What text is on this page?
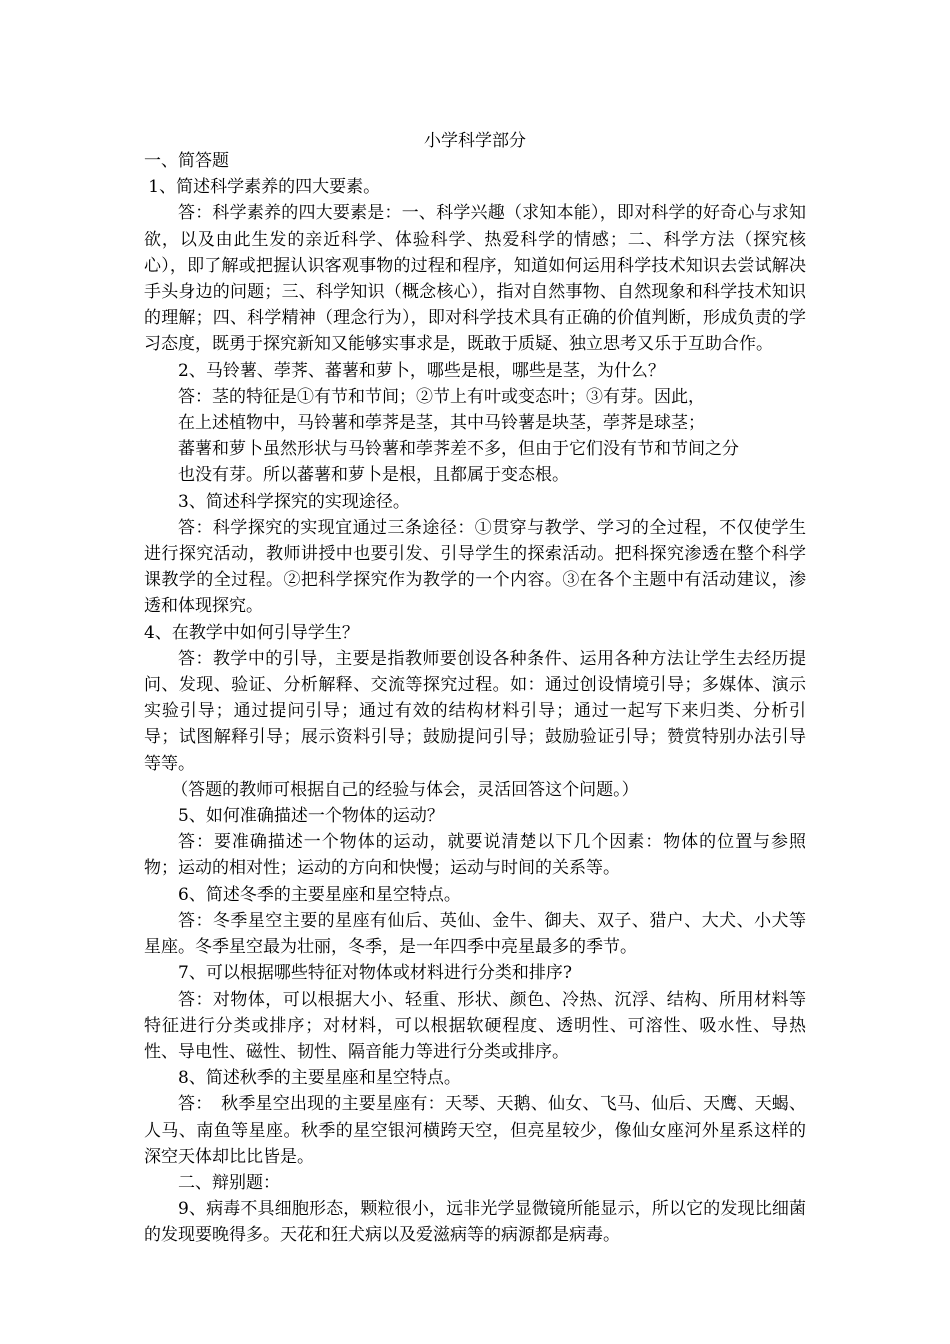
小学科学部分

一、简答题

1、简述科学素养的四大要素。

答：科学素养的四大要素是：一、科学兴趣（求知本能），即对科学的好奇心与求知欲，以及由此生发的亲近科学、体验科学、热爱科学的情感；二、科学方法（探究核心），即了解或把握认识客观事物的过程和程序，知道如何运用科学技术知识去尝试解决手头身边的问题；三、科学知识（概念核心），指对自然事物、自然现象和科学技术知识的理解；四、科学精神（理念行为），即对科学技术具有正确的价值判断，形成负责的学习态度，既勇于探究新知又能够实事求是，既敢于质疑、独立思考又乐于互助合作。

2、马铃薯、荸荠、蕃薯和萝卜，哪些是根，哪些是茎，为什么？

答：茎的特征是①有节和节间；②节上有叶或变态叶；③有芽。因此，

在上述植物中，马铃薯和荸荠是茎，其中马铃薯是块茎，荸荠是球茎；

蕃薯和萝卜虽然形状与马铃薯和荸荠差不多，但由于它们没有节和节间之分

也没有芽。所以蕃薯和萝卜是根，且都属于变态根。

3、简述科学探究的实现途径。

答：科学探究的实现宜通过三条途径：①贯穿与教学、学习的全过程，不仅使学生进行探究活动，教师讲授中也要引发、引导学生的探索活动。把科探究渗透在整个科学课教学的全过程。②把科学探究作为教学的一个内容。③在各个主题中有活动建议，渗透和体现探究。

4、在教学中如何引导学生？

答：教学中的引导，主要是指教师要创设各种条件、运用各种方法让学生去经历提问、发现、验证、分析解释、交流等探究过程。如：通过创设情境引导；多媒体、演示实验引导；通过提问引导；通过有效的结构材料引导；通过一起写下来归类、分析引导；试图解释引导；展示资料引导；鼓励提问引导；鼓励验证引导；赞赏特别办法引导等等。

（答题的教师可根据自己的经验与体会，灵活回答这个问题。）

5、如何准确描述一个物体的运动？

答：要准确描述一个物体的运动，就要说清楚以下几个因素：物体的位置与参照物；运动的相对性；运动的方向和快慢；运动与时间的关系等。

6、简述冬季的主要星座和星空特点。

答：冬季星空主要的星座有仙后、英仙、金牛、御夫、双子、猎户、大犬、小犬等星座。冬季星空最为壮丽，冬季，是一年四季中亮星最多的季节。

7、可以根据哪些特征对物体或材料进行分类和排序?

答：对物体，可以根据大小、轻重、形状、颜色、冷热、沉浮、结构、所用材料等特征进行分类或排序；对材料，可以根据软硬程度、透明性、可溶性、吸水性、导热性、导电性、磁性、韧性、隔音能力等进行分类或排序。

8、简述秋季的主要星座和星空特点。

答：　秋季星空出现的主要星座有：天琴、天鹅、仙女、飞马、仙后、天鹰、天蝎、人马、南鱼等星座。秋季的星空银河横跨天空，但亮星较少，像仙女座河外星系这样的深空天体却比比皆是。

二、辩别题：

9、病毒不具细胞形态，颗粒很小，远非光学显微镜所能显示，所以它的发现比细菌的发现要晚得多。天花和狂犬病以及爱滋病等的病源都是病毒。
